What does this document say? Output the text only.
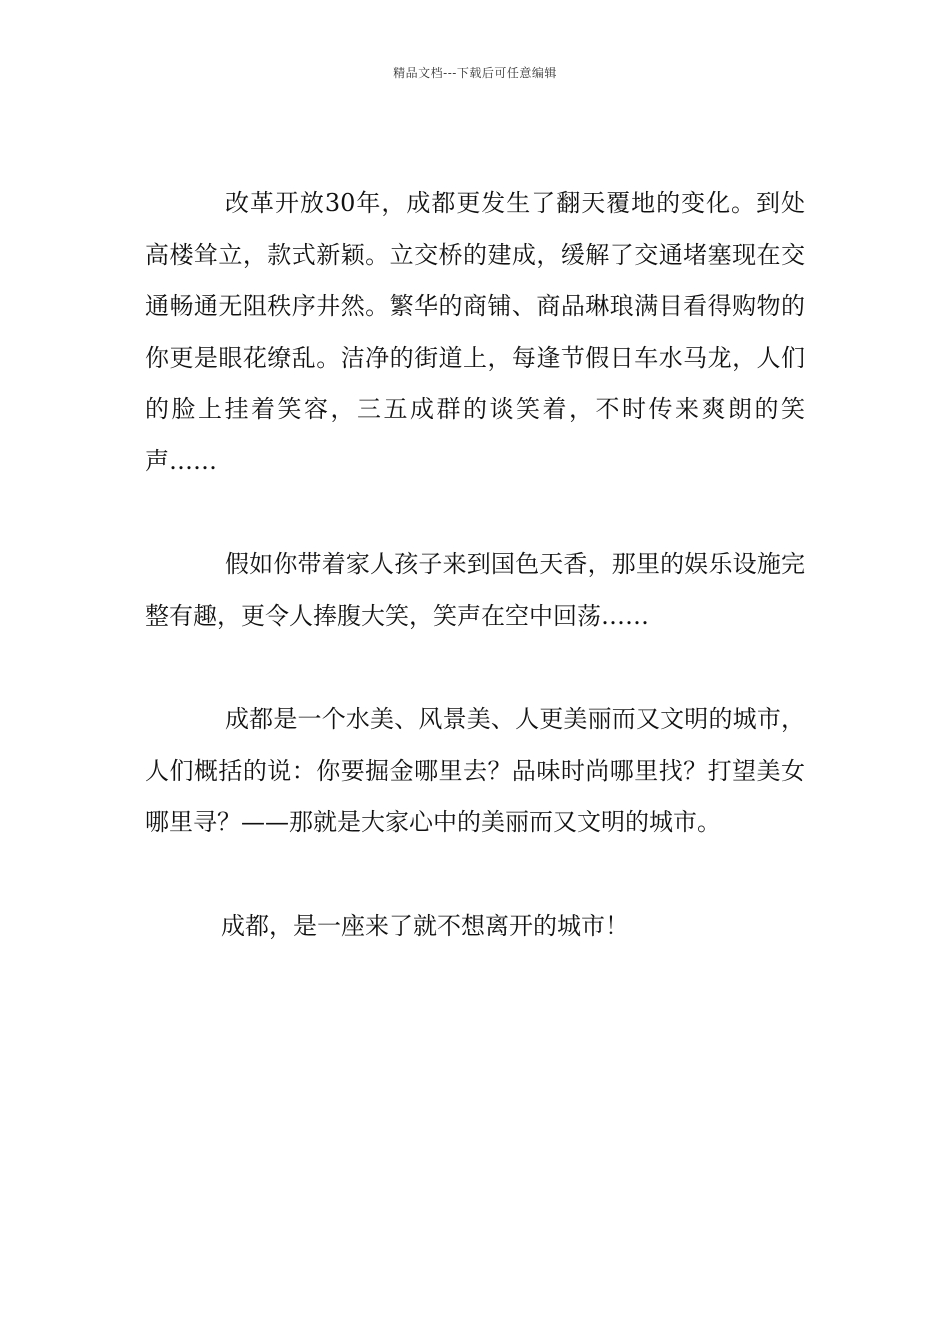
精品文档---下载后可任意编辑

改革开放30年，成都更发生了翻天覆地的变化。到处高楼耸立，款式新颖。立交桥的建成，缓解了交通堵塞现在交通畅通无阻秩序井然。繁华的商铺、商品琳琅满目看得购物的你更是眼花缭乱。洁净的街道上，每逢节假日车水马龙，人们的脸上挂着笑容，三五成群的谈笑着，不时传来爽朗的笑声……

假如你带着家人孩子来到国色天香，那里的娱乐设施完整有趣，更令人捧腹大笑，笑声在空中回荡……

成都是一个水美、风景美、人更美丽而又文明的城市，人们概括的说：你要掘金哪里去？品味时尚哪里找？打望美女哪里寻？——那就是大家心中的美丽而又文明的城市。

成都，是一座来了就不想离开的城市！
